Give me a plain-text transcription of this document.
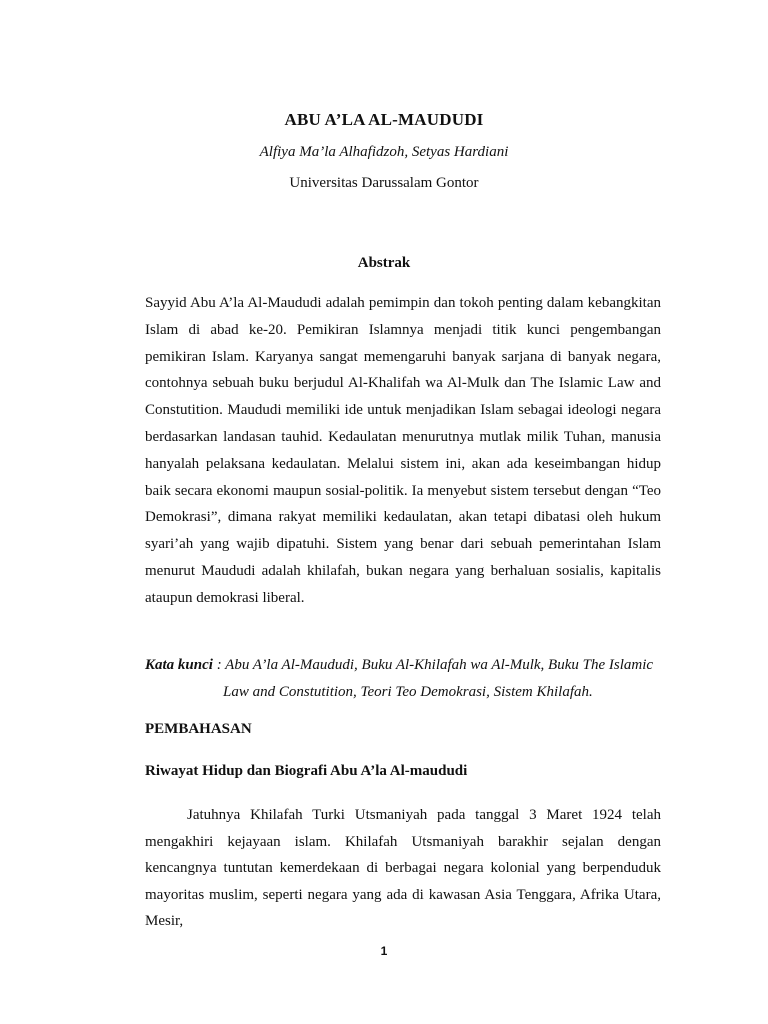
ABU A’LA AL-MAUDUDI
Alfiya Ma’la Alhafidzoh, Setyas Hardiani
Universitas Darussalam Gontor
Abstrak

Sayyid Abu A’la Al-Maududi adalah pemimpin dan tokoh penting dalam kebangkitan Islam di abad ke-20. Pemikiran Islamnya menjadi titik kunci pengembangan pemikiran Islam. Karyanya sangat memengaruhi banyak sarjana di banyak negara, contohnya sebuah buku berjudul Al-Khalifah wa Al-Mulk dan The Islamic Law and Constutition. Maududi memiliki ide untuk menjadikan Islam sebagai ideologi negara berdasarkan landasan tauhid. Kedaulatan menurutnya mutlak milik Tuhan, manusia hanyalah pelaksana kedaulatan. Melalui sistem ini, akan ada keseimbangan hidup baik secara ekonomi maupun sosial-politik. Ia menyebut sistem tersebut dengan “Teo Demokrasi”, dimana rakyat memiliki kedaulatan, akan tetapi dibatasi oleh hukum syari’ah yang wajib dipatuhi. Sistem yang benar dari sebuah pemerintahan Islam menurut Maududi adalah khilafah, bukan negara yang berhaluan sosialis, kapitalis ataupun demokrasi liberal.

Kata kunci : Abu A’la Al-Maududi, Buku Al-Khilafah wa Al-Mulk, Buku The Islamic
Law and Constutition, Teori Teo Demokrasi, Sistem Khilafah.
PEMBAHASAN
Riwayat Hidup dan Biografi Abu A’la Al-maududi

Jatuhnya Khilafah Turki Utsmaniyah pada tanggal 3 Maret 1924 telah mengakhiri kejayaan islam. Khilafah Utsmaniyah barakhir sejalan dengan kencangnya tuntutan kemerdekaan di berbagai negara kolonial yang berpenduduk mayoritas muslim, seperti negara yang ada di kawasan Asia Tenggara, Afrika Utara, Mesir,

1
